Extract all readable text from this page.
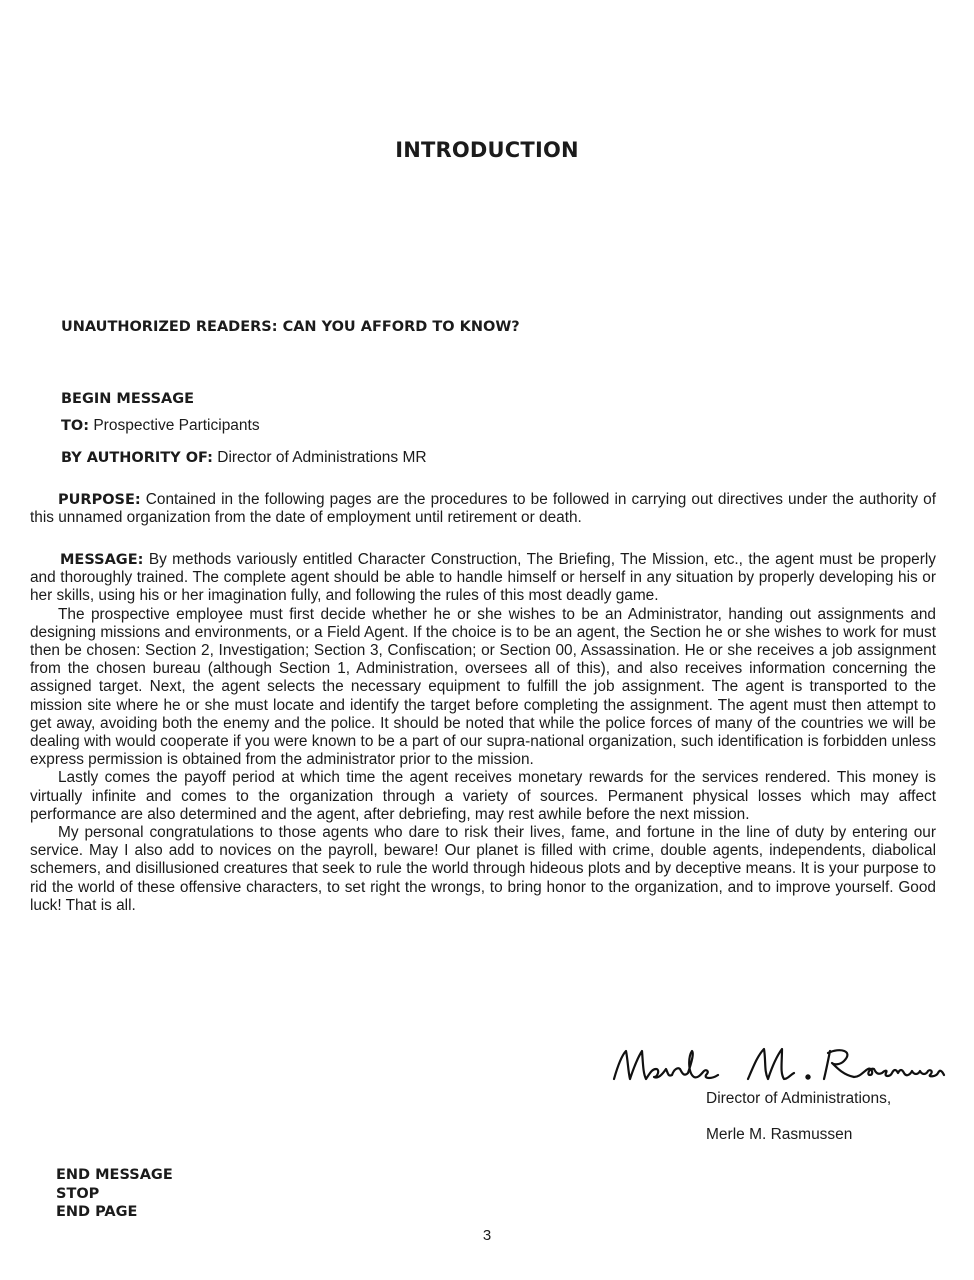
INTRODUCTION

UNAUTHORIZED READERS: CAN YOU AFFORD TO KNOW?

BEGIN MESSAGE

TO: Prospective Participants

BY AUTHORITY OF: Director of Administrations MR

PURPOSE: Contained in the following pages are the procedures to be followed in carrying out directives under the authority of this unnamed organization from the date of employment until retirement or death.

MESSAGE: By methods variously entitled Character Construction, The Briefing, The Mission, etc., the agent must be properly and thoroughly trained. The complete agent should be able to handle himself or herself in any situation by properly developing his or her skills, using his or her imagination fully, and following the rules of this most deadly game.

The prospective employee must first decide whether he or she wishes to be an Administrator, handing out assignments and designing missions and environments, or a Field Agent. If the choice is to be an agent, the Section he or she wishes to work for must then be chosen: Section 2, Investigation; Section 3, Confiscation; or Section 00, Assassination. He or she receives a job assignment from the chosen bureau (although Section 1, Administration, oversees all of this), and also receives information concerning the assigned target. Next, the agent selects the necessary equipment to fulfill the job assignment. The agent is transported to the mission site where he or she must locate and identify the target before completing the assignment. The agent must then attempt to get away, avoiding both the enemy and the police. It should be noted that while the police forces of many of the countries we will be dealing with would cooperate if you were known to be a part of our supra-national organization, such identification is forbidden unless express permission is obtained from the administrator prior to the mission.

Lastly comes the payoff period at which time the agent receives monetary rewards for the services rendered. This money is virtually infinite and comes to the organization through a variety of sources. Permanent physical losses which may affect performance are also determined and the agent, after debriefing, may rest awhile before the next mission.

My personal congratulations to those agents who dare to risk their lives, fame, and fortune in the line of duty by entering our service. May I also add to novices on the payroll, beware! Our planet is filled with crime, double agents, independents, diabolical schemers, and disillusioned creatures that seek to rule the world through hideous plots and by deceptive means. It is your purpose to rid the world of these offensive characters, to set right the wrongs, to bring honor to the organization, and to improve yourself. Good luck! That is all.

Director of Administrations,

Merle M. Rasmussen

END MESSAGE
STOP
END PAGE

3
